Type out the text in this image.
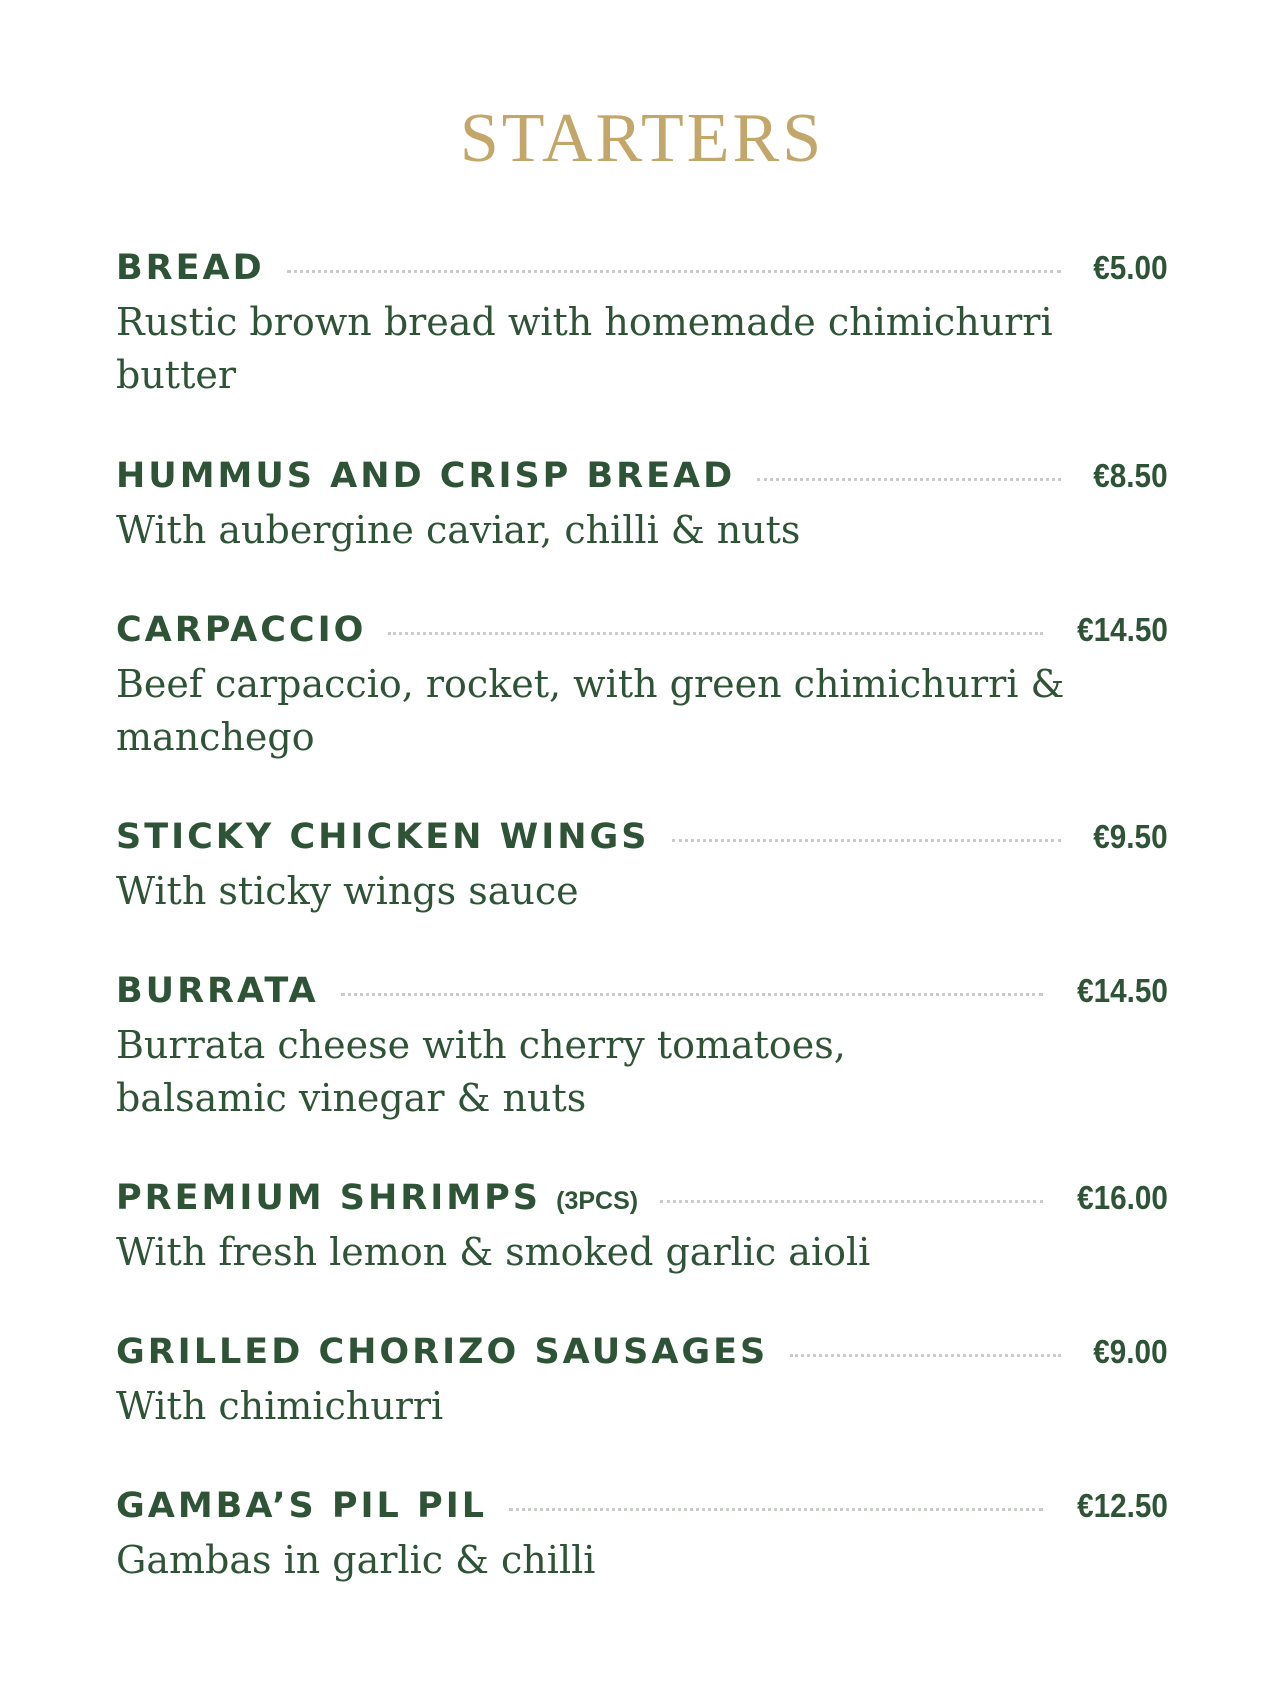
STARTERS
BREAD	€5.00
Rustic brown bread with homemade chimichurri butter
HUMMUS AND CRISP BREAD	€8.50
With aubergine caviar, chilli & nuts
CARPACCIO	€14.50
Beef carpaccio, rocket, with green chimichurri & manchego
STICKY CHICKEN WINGS	€9.50
With sticky wings sauce
BURRATA	€14.50
Burrata cheese with cherry tomatoes, balsamic vinegar & nuts
PREMIUM SHRIMPS (3PCS)	€16.00
With fresh lemon & smoked garlic aioli
GRILLED CHORIZO SAUSAGES	€9.00
With chimichurri
GAMBA’S PIL PIL	€12.50
Gambas in garlic & chilli
